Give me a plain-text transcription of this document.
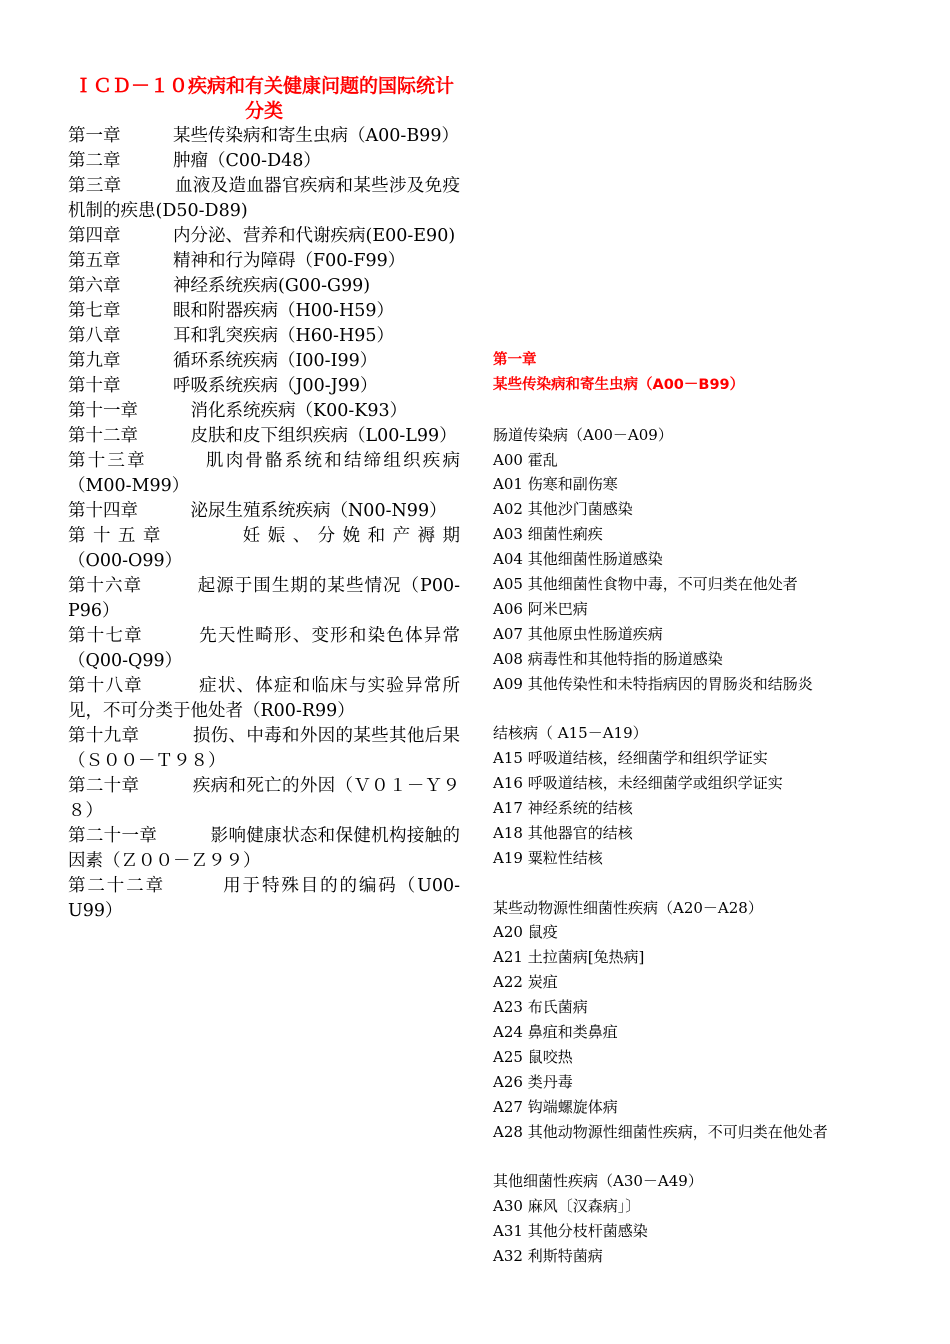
ＩＣＤ－１０疾病和有关健康问题的国际统计分类
第一章　　　	某些传染病和寄生虫病（A00-B99）
第二章　　　	肿瘤（C00-D48）
第三章　　　	血液及造血器官疾病和某些涉及免疫机制的疾患(D50-D89)
第四章　　　	内分泌、营养和代谢疾病(E00-E90)
第五章　　　	精神和行为障碍（F00-F99）
第六章　　　	神经系统疾病(G00-G99)
第七章　　　	眼和附器疾病（H00-H59）
第八章　　　	耳和乳突疾病（H60-H95）
第九章　　　	循环系统疾病（I00-I99）
第十章　　　	呼吸系统疾病（J00-J99）
第十一章　　　	消化系统疾病（K00-K93）
第十二章　　　	皮肤和皮下组织疾病（L00-L99）
第十三章　　　	肌肉骨骼系统和结缔组织疾病（M00-M99）
第十四章　　　	泌尿生殖系统疾病（N00-N99）
第十五章　　　	妊娠、分娩和产褥期（O00-O99）
第十六章　　　	起源于围生期的某些情况（P00-P96）
第十七章　　　	先天性畸形、变形和染色体异常（Q00-Q99）
第十八章　　　	症状、体症和临床与实验异常所见，不可分类于他处者（R00-R99）
第十九章　　　	损伤、中毒和外因的某些其他后果（Ｓ００－Ｔ９８）
第二十章　　　	疾病和死亡的外因（Ｖ０１－Ｙ９８）
第二十一章　　　	影响健康状态和保健机构接触的因素（Ｚ００－Ｚ９９）
第二十二章　　　	用于特殊目的的编码（U00-U99）
第一章
某些传染病和寄生虫病（A00－B99）
肠道传染病（A00－A09）
A00 霍乱
A01 伤寒和副伤寒
A02 其他沙门菌感染
A03 细菌性痢疾
A04 其他细菌性肠道感染
A05 其他细菌性食物中毒，不可归类在他处者
A06 阿米巴病
A07 其他原虫性肠道疾病
A08 病毒性和其他特指的肠道感染
A09 其他传染性和未特指病因的胃肠炎和结肠炎
结核病（ A15－A19）
A15 呼吸道结核，经细菌学和组织学证实
A16 呼吸道结核，未经细菌学或组织学证实
A17 神经系统的结核
A18 其他器官的结核
A19 粟粒性结核
某些动物源性细菌性疾病（A20－A28）
A20 鼠疫
A21 土拉菌病[兔热病]
A22 炭疽
A23 布氏菌病
A24 鼻疽和类鼻疽
A25 鼠咬热
A26 类丹毒
A27 钩端螺旋体病
A28 其他动物源性细菌性疾病，不可归类在他处者
其他细菌性疾病（A30－A49）
A30 麻风〔汉森病」〕
A31 其他分枝杆菌感染
A32 利斯特菌病
